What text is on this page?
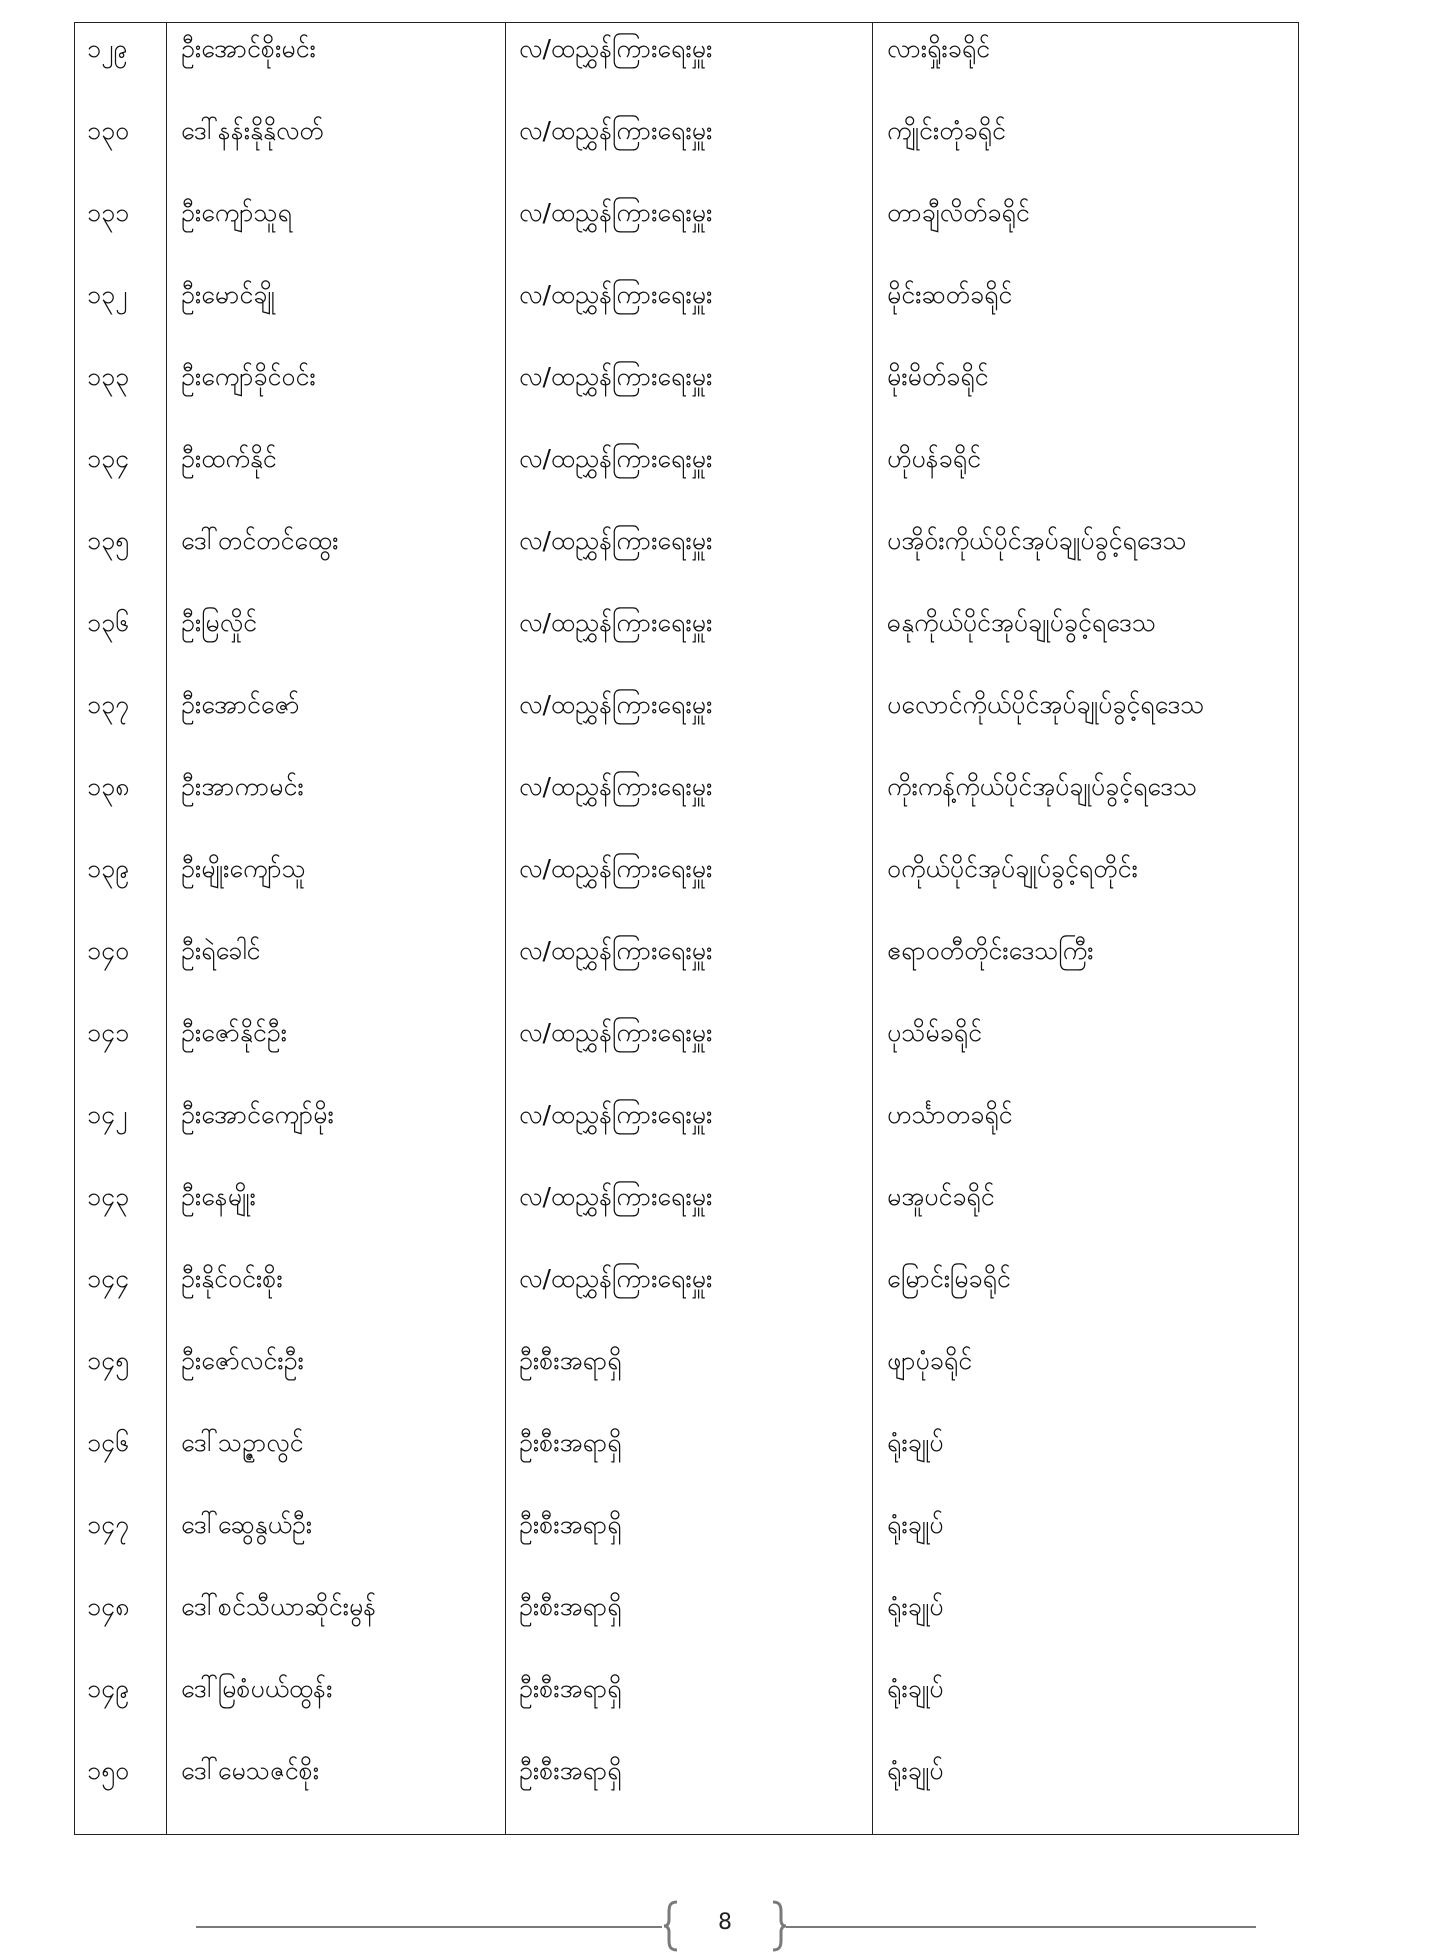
၁၂၉ ဦးအောင်စိုးမင်း	လ/ထညွှန်ကြားရေးမှူး	လားရှိုးခရိုင်
၁၃၀ ဒေါ်နန်းနိုနိုလတ်	လ/ထညွှန်ကြားရေးမှူး	ကျိုင်းတုံခရိုင်
၁၃၁ ဦးကျော်သူရ	လ/ထညွှန်ကြားရေးမှူး	တာချီလိတ်ခရိုင်
၁၃၂ ဦးမောင်ချို	လ/ထညွှန်ကြားရေးမှူး	မိုင်းဆတ်ခရိုင်
၁၃၃ ဦးကျော်ခိုင်ဝင်း	လ/ထညွှန်ကြားရေးမှူး	မိုးမိတ်ခရိုင်
၁၃၄ ဦးထက်နိုင်	လ/ထညွှန်ကြားရေးမှူး	ဟိုပန်ခရိုင်
၁၃၅ ဒေါ်တင်တင်ထွေး	လ/ထညွှန်ကြားရေးမှူး	ပအိုဝ်းကိုယ်ပိုင်အုပ်ချုပ်ခွင့်ရဒေသ
၁၃၆ ဦးမြလှိုင်	လ/ထညွှန်ကြားရေးမှူး	ဓနုကိုယ်ပိုင်အုပ်ချုပ်ခွင့်ရဒေသ
၁၃၇ ဦးအောင်ဇော်	လ/ထညွှန်ကြားရေးမှူး	ပလောင်ကိုယ်ပိုင်အုပ်ချုပ်ခွင့်ရဒေသ
၁၃၈ ဦးအာကာမင်း	လ/ထညွှန်ကြားရေးမှူး	ကိုးကန့်ကိုယ်ပိုင်အုပ်ချုပ်ခွင့်ရဒေသ
၁၃၉ ဦးမျိုးကျော်သူ	လ/ထညွှန်ကြားရေးမှူး	ဝကိုယ်ပိုင်အုပ်ချုပ်ခွင့်ရတိုင်း
၁၄၀ ဦးရဲခေါင်	လ/ထညွှန်ကြားရေးမှူး	ဧရာဝတီတိုင်းဒေသကြီး
၁၄၁ ဦးဇော်နိုင်ဦး	လ/ထညွှန်ကြားရေးမှူး	ပုသိမ်ခရိုင်
၁၄၂ ဦးအောင်ကျော်မိုး	လ/ထညွှန်ကြားရေးမှူး	ဟင်္သာတခရိုင်
၁၄၃ ဦးနေမျိုး	လ/ထညွှန်ကြားရေးမှူး	မအူပင်ခရိုင်
၁၄၄ ဦးနိုင်ဝင်းစိုး	လ/ထညွှန်ကြားရေးမှူး	မြောင်းမြခရိုင်
၁၄၅ ဦးဇော်လင်းဦး	ဦးစီးအရာရှိ	ဖျာပုံခရိုင်
၁၄၆ ဒေါ်သဉ္ဇာလွင်	ဦးစီးအရာရှိ	ရုံးချုပ်
၁၄၇ ဒေါ်ဆွေနွယ်ဦး	ဦးစီးအရာရှိ	ရုံးချုပ်
၁၄၈ ဒေါ်စင်သီယာဆိုင်းမွန်	ဦးစီးအရာရှိ	ရုံးချုပ်
၁၄၉ ဒေါ်မြစံပယ်ထွန်း	ဦးစီးအရာရှိ	ရုံးချုပ်
၁၅၀ ဒေါ်မေသဇင်စိုး	ဦးစီးအရာရှိ	ရုံးချုပ်
8
